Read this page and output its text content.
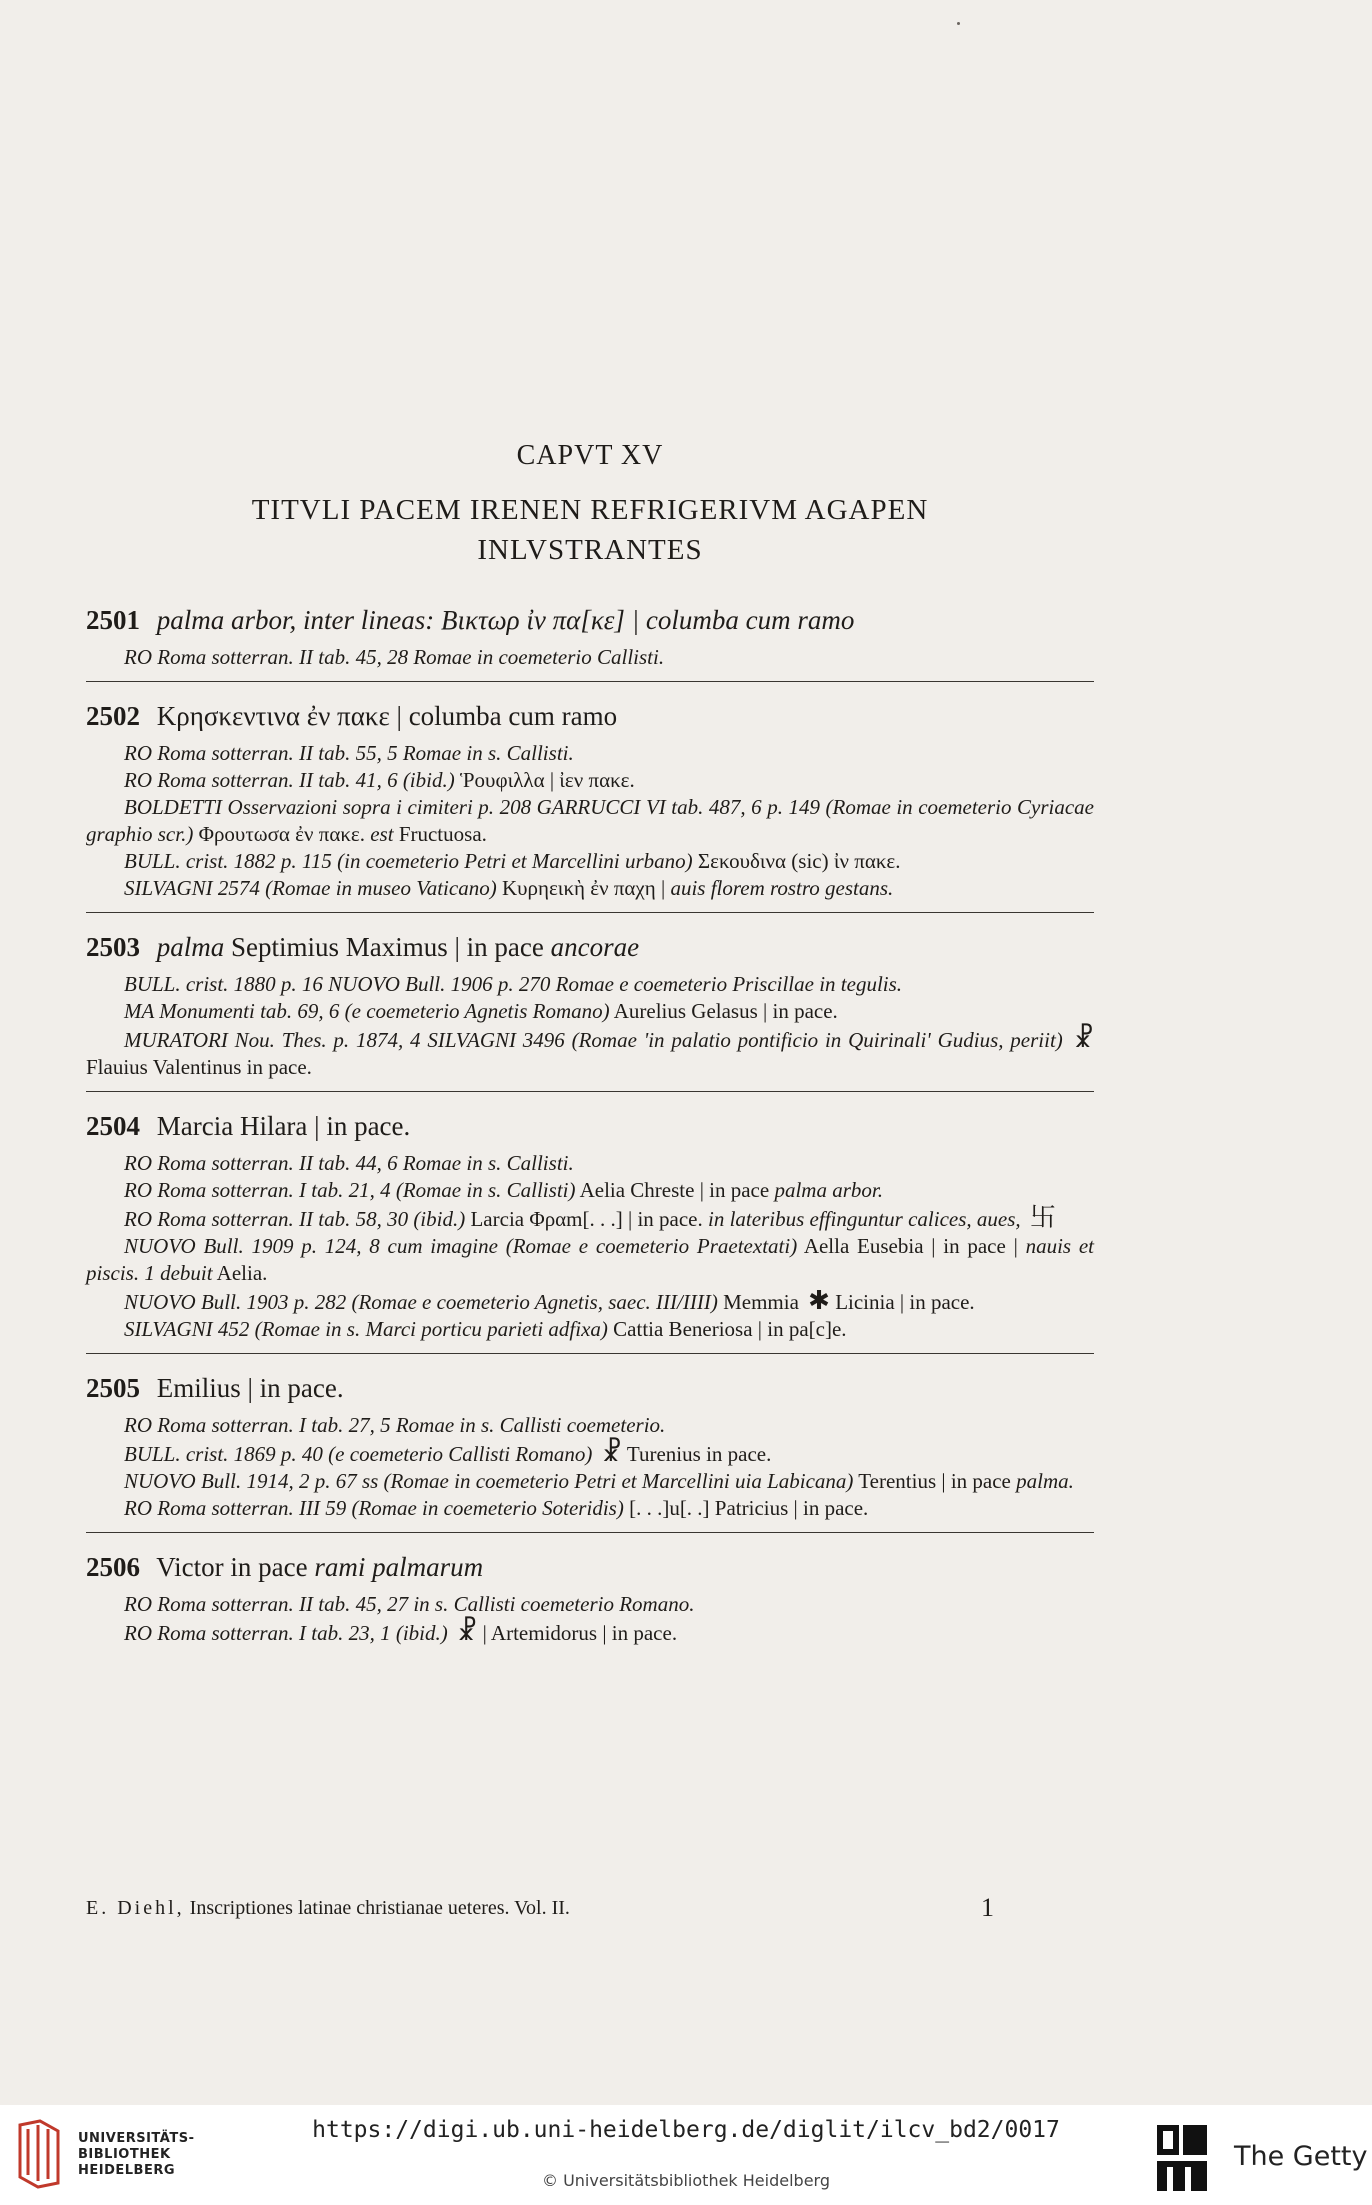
CAPVT XV
TITVLI PACEM IRENEN REFRIGERIVM AGAPEN
INLVSTRANTES
2501 palma arbor, inter lineas: Βικτωρ ἰν πα[κε] | columba cum ramo
RO Roma sotterran. II tab. 45, 28 Romae in coemeterio Callisti.
2502 Κρησκεντινα ἐν πακε | columba cum ramo
RO Roma sotterran. II tab. 55, 5 Romae in s. Callisti.
RO Roma sotterran. II tab. 41, 6 (ibid.) Ῥουφιλλα | ἰεν πακε.
BOLDETTI Osservazioni sopra i cimiteri p. 208 GARRUCCI VI tab. 487, 6 p. 149 (Romae in coemeterio Cyriacae graphio scr.) Φρουτωσα ἐν πακε. est Fructuosa.
BULL. crist. 1882 p. 115 (in coemeterio Petri et Marcellini urbano) Σεκουδινα (sic) ἰν πακε.
SILVAGNI 2574 (Romae in museo Vaticano) Κυρηεικὴ ἐν παχη | auis florem rostro gestans.
2503 palma Septimius Maximus | in pace ancorae
BULL. crist. 1880 p. 16 NUOVO Bull. 1906 p. 270 Romae e coemeterio Priscillae in tegulis.
MA Monumenti tab. 69, 6 (e coemeterio Agnetis Romano) Aurelius Gelasus | in pace.
MURATORI Nou. Thes. p. 1874, 4 SILVAGNI 3496 (Romae 'in palatio pontificio in Quirinali' Gudius, periit) ☧ Flauius Valentinus in pace.
2504 Marcia Hilara | in pace.
RO Roma sotterran. II tab. 44, 6 Romae in s. Callisti.
RO Roma sotterran. I tab. 21, 4 (Romae in s. Callisti) Aelia Chreste | in pace palma arbor.
RO Roma sotterran. II tab. 58, 30 (ibid.) Larcia Φραm[. . .] | in pace. in lateribus effinguntur calices, aues, 卐
NUOVO Bull. 1909 p. 124, 8 cum imagine (Romae e coemeterio Praetextati) Aella Eusebia | in pace | nauis et piscis. 1 debuit Aelia.
NUOVO Bull. 1903 p. 282 (Romae e coemeterio Agnetis, saec. III/IIII) Memmia ✱ Licinia | in pace.
SILVAGNI 452 (Romae in s. Marci porticu parieti adfixa) Cattia Beneriosa | in pa[c]e.
2505 Emilius | in pace.
RO Roma sotterran. I tab. 27, 5 Romae in s. Callisti coemeterio.
BULL. crist. 1869 p. 40 (e coemeterio Callisti Romano) ☧ Turenius in pace.
NUOVO Bull. 1914, 2 p. 67 ss (Romae in coemeterio Petri et Marcellini uia Labicana) Terentius | in pace palma.
RO Roma sotterran. III 59 (Romae in coemeterio Soteridis) [. . .]u[. .] Patricius | in pace.
2506 Victor in pace rami palmarum
RO Roma sotterran. II tab. 45, 27 in s. Callisti coemeterio Romano.
RO Roma sotterran. I tab. 23, 1 (ibid.) ☧ | Artemidorus | in pace.
E. Diehl, Inscriptiones latinae christianae ueteres. Vol. II.	1
UNIVERSITÄTS-
BIBLIOTHEK
HEIDELBERG
https://digi.ub.uni-heidelberg.de/diglit/ilcv_bd2/0017
© Universitätsbibliothek Heidelberg
The Getty
